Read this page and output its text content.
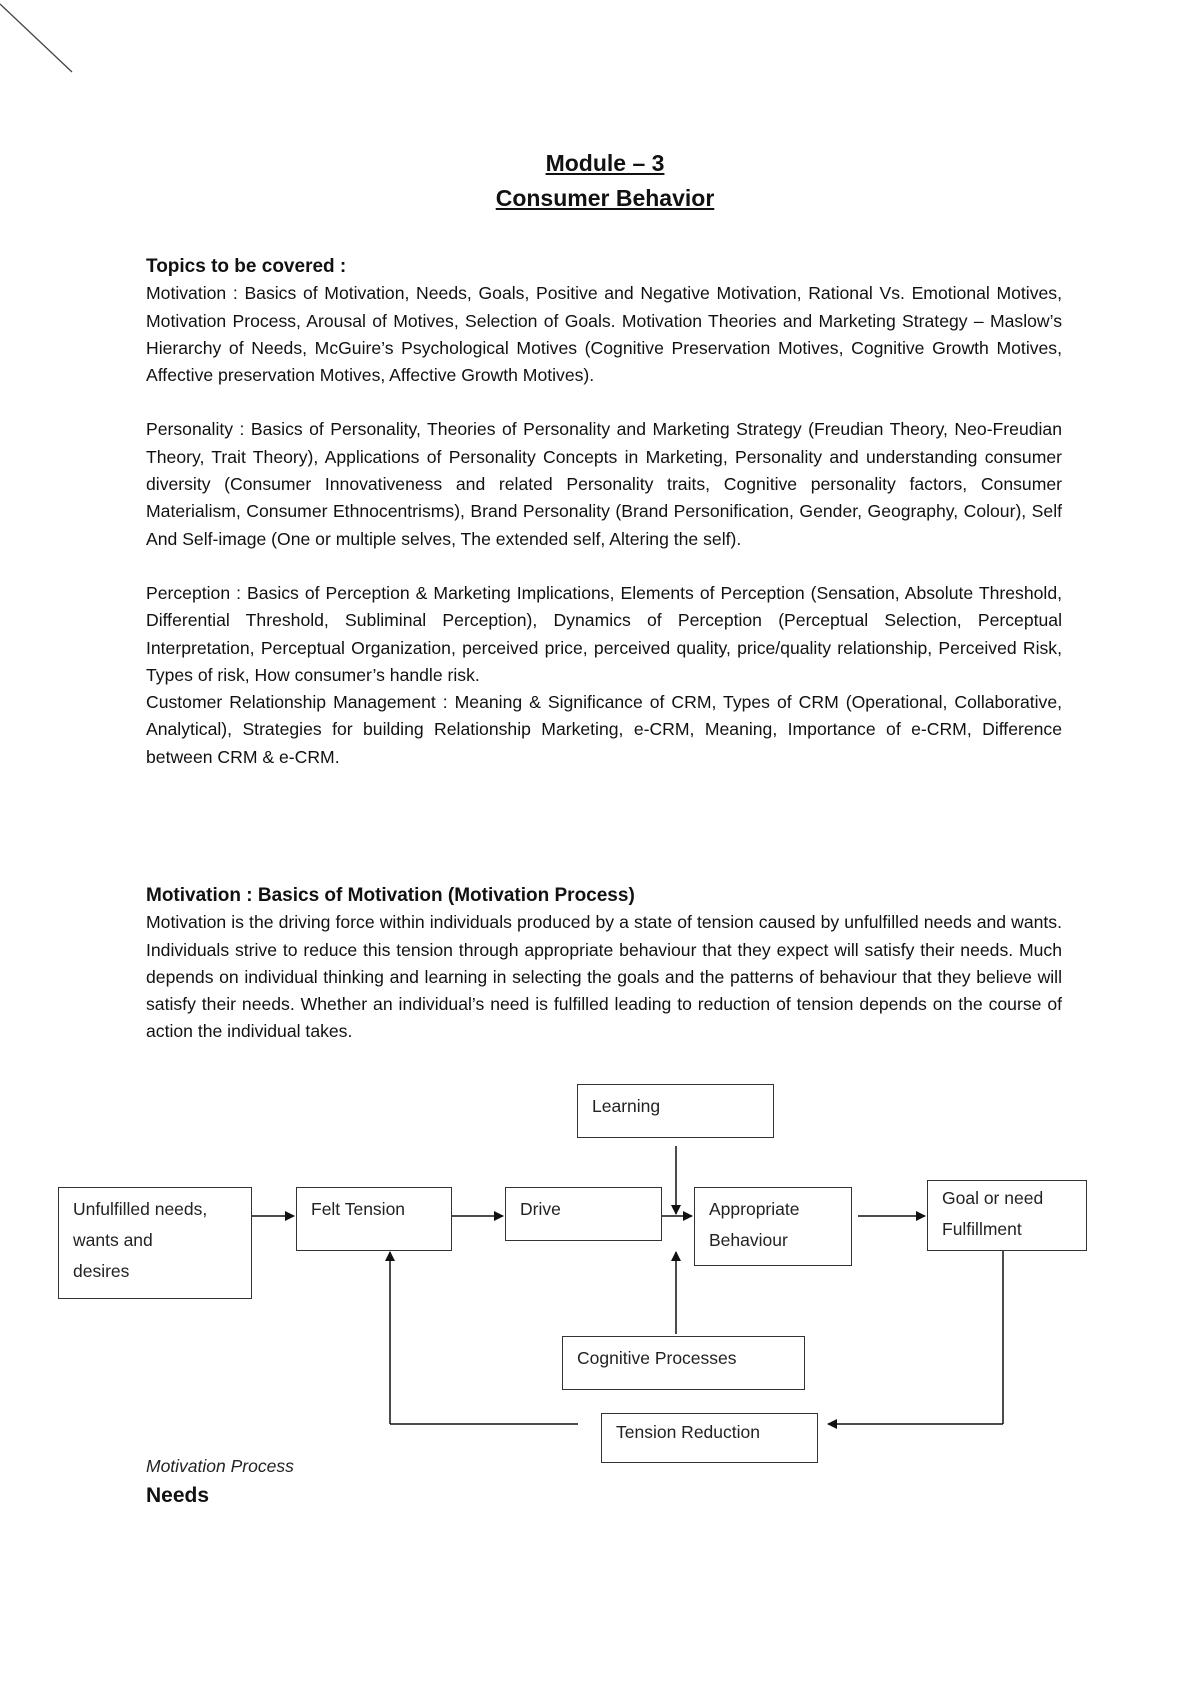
Module – 3
Consumer Behavior
Topics to be covered :

Motivation : Basics of Motivation, Needs, Goals, Positive and Negative Motivation, Rational Vs. Emotional Motives, Motivation Process, Arousal of Motives, Selection of Goals. Motivation Theories and Marketing Strategy – Maslow’s Hierarchy of Needs, McGuire’s Psychological Motives (Cognitive Preservation Motives, Cognitive Growth Motives, Affective preservation Motives, Affective Growth Motives).

Personality : Basics of Personality, Theories of Personality and Marketing Strategy (Freudian Theory, Neo-Freudian Theory, Trait Theory), Applications of Personality Concepts in Marketing, Personality and understanding consumer diversity (Consumer Innovativeness and related Personality traits, Cognitive personality factors, Consumer Materialism, Consumer Ethnocentrisms), Brand Personality (Brand Personification, Gender, Geography, Colour), Self And Self-image (One or multiple selves, The extended self, Altering the self).

Perception : Basics of Perception & Marketing Implications, Elements of Perception (Sensation, Absolute Threshold, Differential Threshold, Subliminal Perception), Dynamics of Perception (Perceptual Selection, Perceptual Interpretation, Perceptual Organization, perceived price, perceived quality, price/quality relationship, Perceived Risk, Types of risk, How consumer’s handle risk.

Customer Relationship Management : Meaning & Significance of CRM, Types of CRM (Operational, Collaborative, Analytical), Strategies for building Relationship Marketing, e-CRM, Meaning, Importance of e-CRM, Difference between CRM & e-CRM.

Motivation : Basics of Motivation (Motivation Process)

Motivation is the driving force within individuals produced by a state of tension caused by unfulfilled needs and wants. Individuals strive to reduce this tension through appropriate behaviour that they expect will satisfy their needs. Much depends on individual thinking and learning in selecting the goals and the patterns of behaviour that they believe will satisfy their needs. Whether an individual’s need is fulfilled leading to reduction of tension depends on the course of action the individual takes.

Learning
Unfulfilled needs,
wants and
desires
Felt Tension	Drive	Appropriate
Behaviour
Goal or need
Fulfillment
Cognitive Processes
Tension Reduction
Motivation Process
Needs
